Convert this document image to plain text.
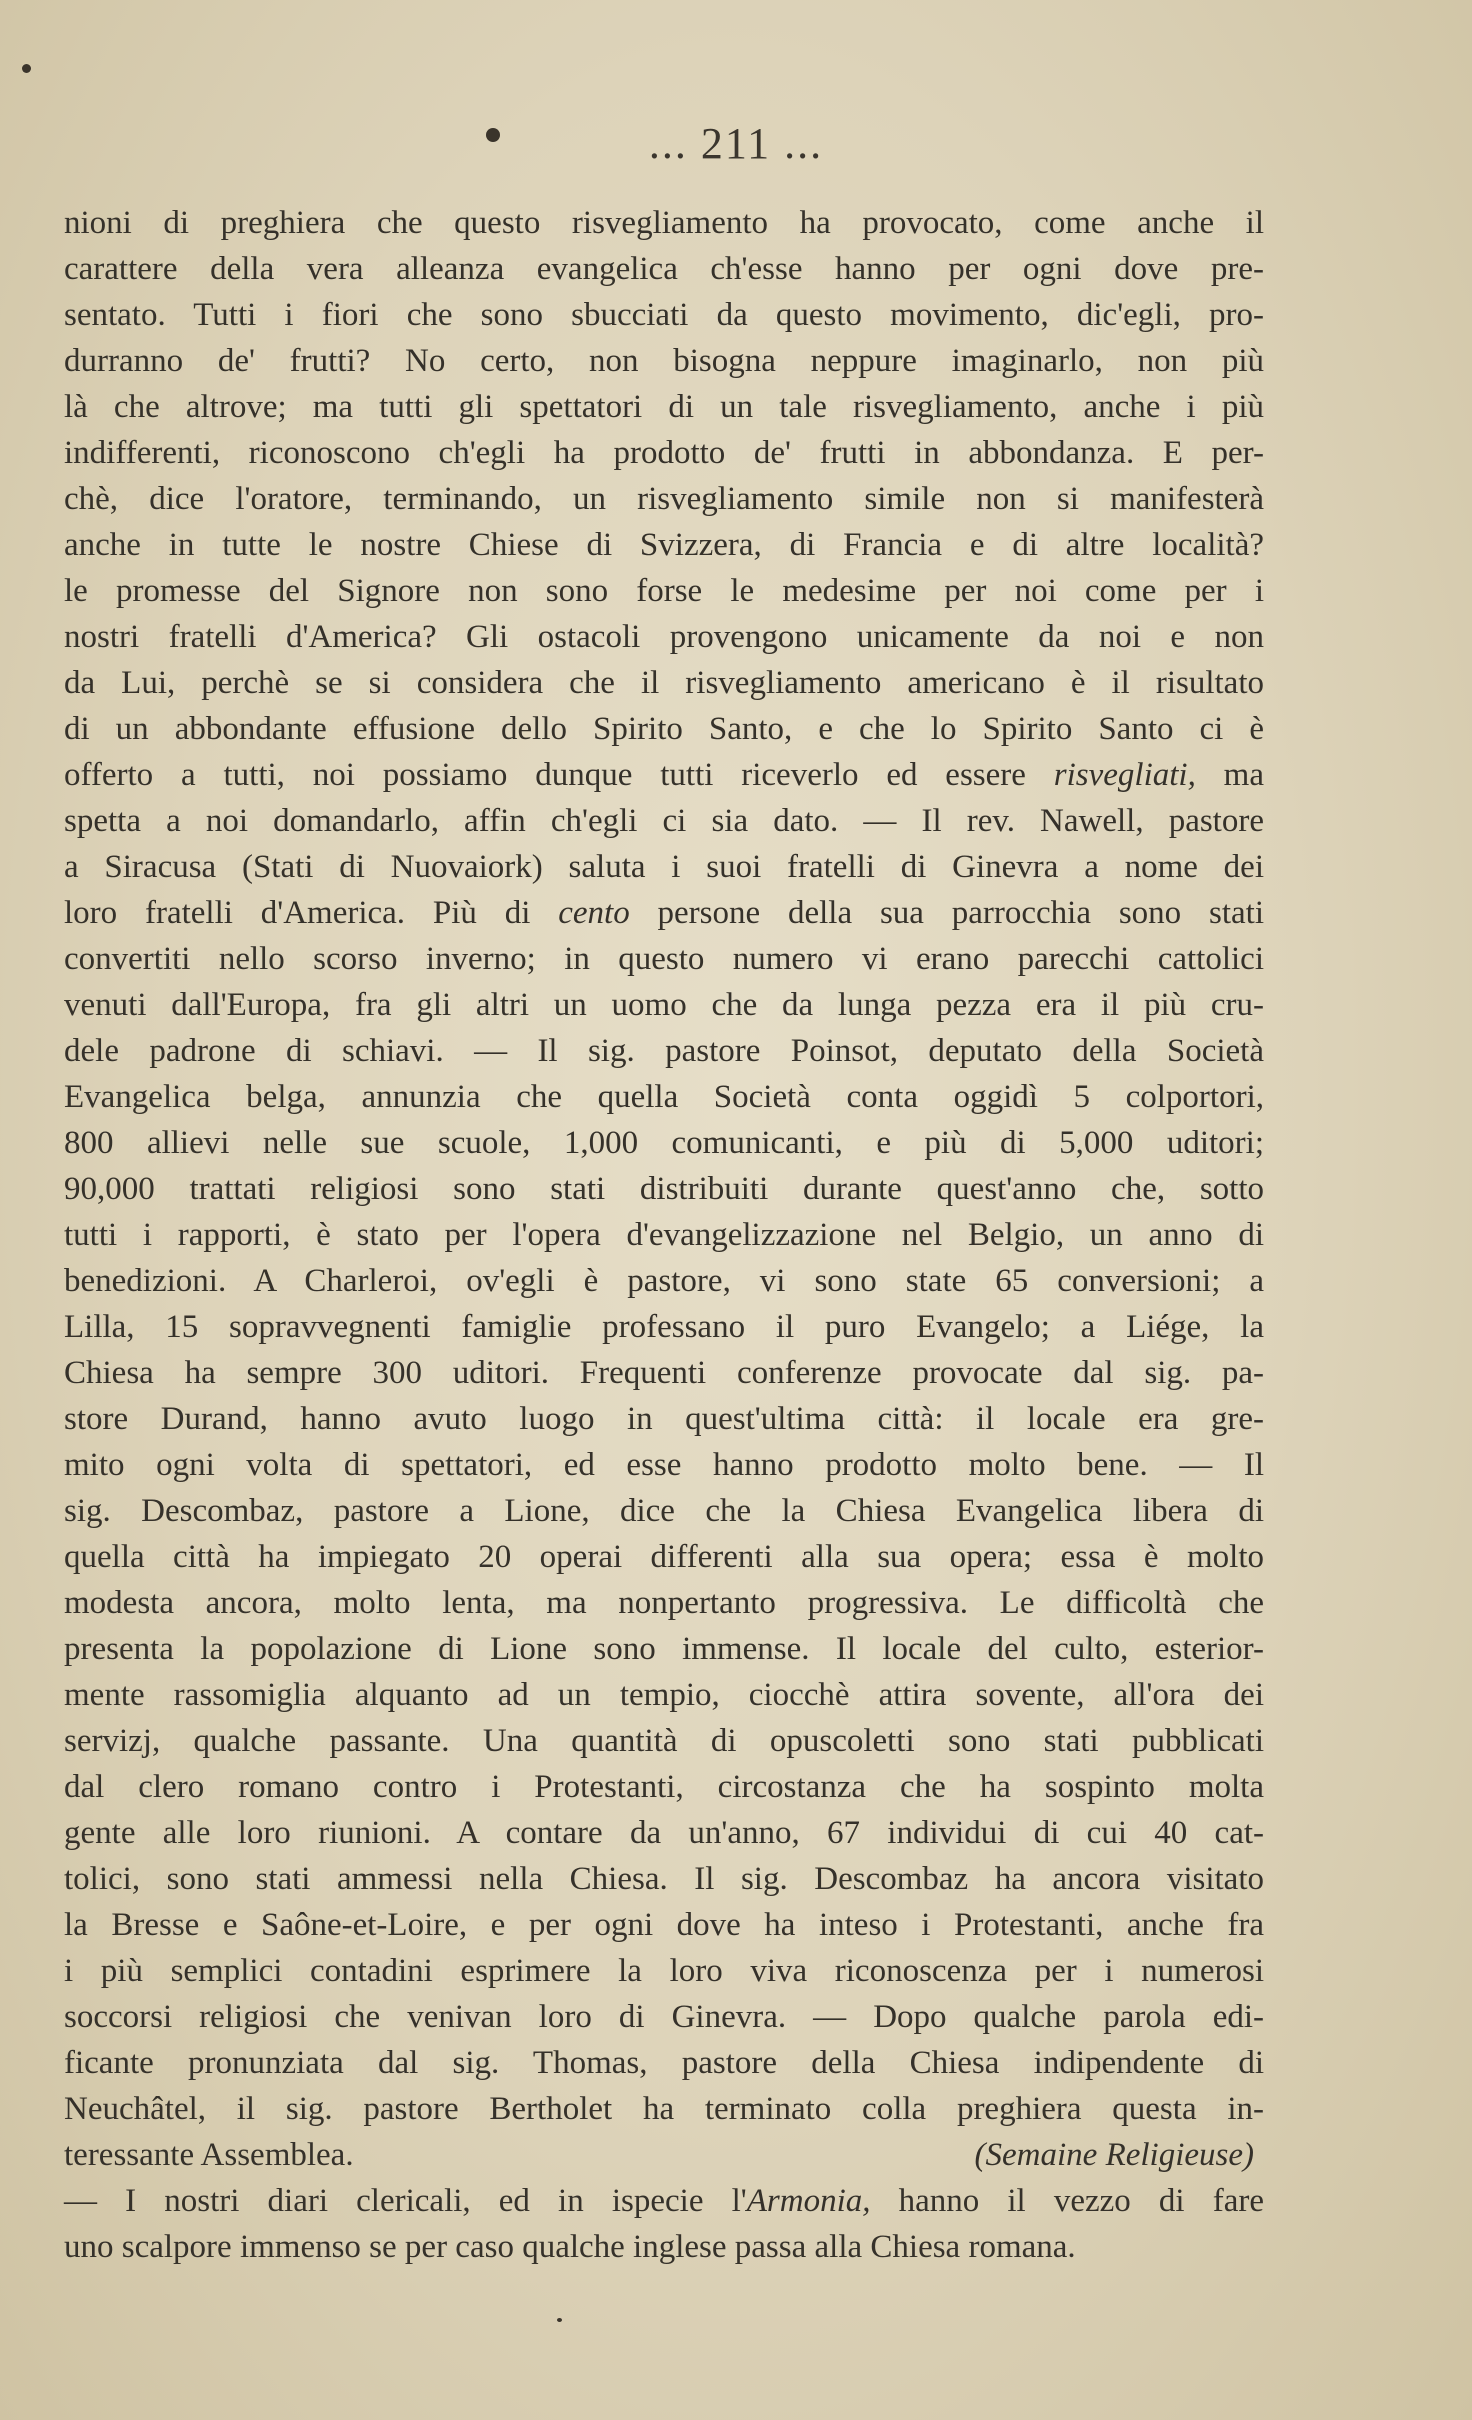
... 211 ...
nioni di preghiera che questo risvegliamento ha provocato, come anche il
carattere della vera alleanza evangelica ch'esse hanno per ogni dove pre-
sentato. Tutti i fiori che sono sbucciati da questo movimento, dic'egli, pro-
durranno de' frutti? No certo, non bisogna neppure imaginarlo, non più
là che altrove; ma tutti gli spettatori di un tale risvegliamento, anche i più
indifferenti, riconoscono ch'egli ha prodotto de' frutti in abbondanza. E per-
chè, dice l'oratore, terminando, un risvegliamento simile non si manifesterà
anche in tutte le nostre Chiese di Svizzera, di Francia e di altre località?
le promesse del Signore non sono forse le medesime per noi come per i
nostri fratelli d'America? Gli ostacoli provengono unicamente da noi e non
da Lui, perchè se si considera che il risvegliamento americano è il risultato
di un abbondante effusione dello Spirito Santo, e che lo Spirito Santo ci è
offerto a tutti, noi possiamo dunque tutti riceverlo ed essere risvegliati, ma
spetta a noi domandarlo, affin ch'egli ci sia dato. — Il rev. Nawell, pastore
a Siracusa (Stati di Nuovaiork) saluta i suoi fratelli di Ginevra a nome dei
loro fratelli d'America. Più di cento persone della sua parrocchia sono stati
convertiti nello scorso inverno; in questo numero vi erano parecchi cattolici
venuti dall'Europa, fra gli altri un uomo che da lunga pezza era il più cru-
dele padrone di schiavi. — Il sig. pastore Poinsot, deputato della Società
Evangelica belga, annunzia che quella Società conta oggidì 5 colportori,
800 allievi nelle sue scuole, 1,000 comunicanti, e più di 5,000 uditori;
90,000 trattati religiosi sono stati distribuiti durante quest'anno che, sotto
tutti i rapporti, è stato per l'opera d'evangelizzazione nel Belgio, un anno di
benedizioni. A Charleroi, ov'egli è pastore, vi sono state 65 conversioni; a
Lilla, 15 sopravvegnenti famiglie professano il puro Evangelo; a Liége, la
Chiesa ha sempre 300 uditori. Frequenti conferenze provocate dal sig. pa-
store Durand, hanno avuto luogo in quest'ultima città: il locale era gre-
mito ogni volta di spettatori, ed esse hanno prodotto molto bene. — Il
sig. Descombaz, pastore a Lione, dice che la Chiesa Evangelica libera di
quella città ha impiegato 20 operai differenti alla sua opera; essa è molto
modesta ancora, molto lenta, ma nonpertanto progressiva. Le difficoltà che
presenta la popolazione di Lione sono immense. Il locale del culto, esterior-
mente rassomiglia alquanto ad un tempio, ciocchè attira sovente, all'ora dei
servizj, qualche passante. Una quantità di opuscoletti sono stati pubblicati
dal clero romano contro i Protestanti, circostanza che ha sospinto molta
gente alle loro riunioni. A contare da un'anno, 67 individui di cui 40 cat-
tolici, sono stati ammessi nella Chiesa. Il sig. Descombaz ha ancora visitato
la Bresse e Saône-et-Loire, e per ogni dove ha inteso i Protestanti, anche fra
i più semplici contadini esprimere la loro viva riconoscenza per i numerosi
soccorsi religiosi che venivan loro di Ginevra. — Dopo qualche parola edi-
ficante pronunziata dal sig. Thomas, pastore della Chiesa indipendente di
Neuchâtel, il sig. pastore Bertholet ha terminato colla preghiera questa in-
teressante Assemblea.	(Semaine Religieuse)
— I nostri diari clericali, ed in ispecie l'Armonia, hanno il vezzo di fare
uno scalpore immenso se per caso qualche inglese passa alla Chiesa romana.
